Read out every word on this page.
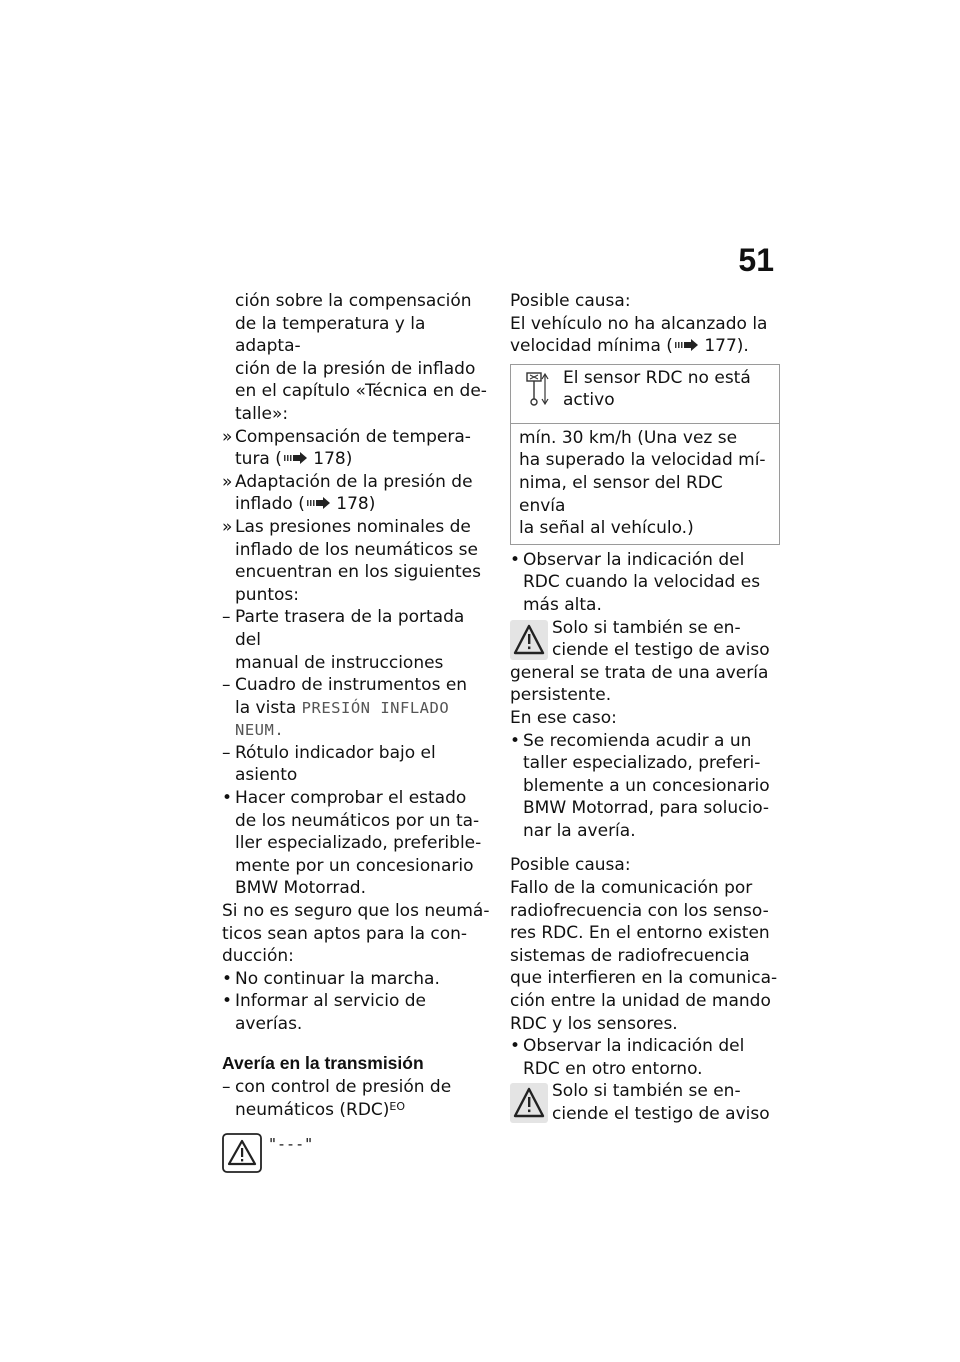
51
ción sobre la compensación
de la temperatura y la adapta-
ción de la presión de inflado
en el capítulo «Técnica en de-
talle»:
» Compensación de tempera-
tura ( 178)
» Adaptación de la presión de
inflado ( 178)
» Las presiones nominales de
inflado de los neumáticos se
encuentran en los siguientes
puntos:
– Parte trasera de la portada del
manual de instrucciones
– Cuadro de instrumentos en
la vista PRESIÓN INFLADO
NEUM.
– Rótulo indicador bajo el
asiento
• Hacer comprobar el estado
de los neumáticos por un ta-
ller especializado, preferible-
mente por un concesionario
BMW Motorrad.
Si no es seguro que los neumá-
ticos sean aptos para la con-
ducción:
• No continuar la marcha.
• Informar al servicio de averías.
Avería en la transmisión
– con control de presión de
neumáticos (RDC)$^{EO}$
"---"
Posible causa:
El vehículo no ha alcanzado la
velocidad mínima ( 177).
El sensor RDC no está
activo
mín. 30 km/h (Una vez se
ha superado la velocidad mí-
nima, el sensor del RDC envía
la señal al vehículo.)
• Observar la indicación del
RDC cuando la velocidad es
más alta.
Solo si también se en-
ciende el testigo de aviso
general se trata de una avería
persistente.
En ese caso:
• Se recomienda acudir a un
taller especializado, preferi-
blemente a un concesionario
BMW Motorrad, para solucio-
nar la avería.
Posible causa:
Fallo de la comunicación por
radiofrecuencia con los senso-
res RDC. En el entorno existen
sistemas de radiofrecuencia
que interfieren en la comunica-
ción entre la unidad de mando
RDC y los sensores.
• Observar la indicación del
RDC en otro entorno.
Solo si también se en-
ciende el testigo de aviso
